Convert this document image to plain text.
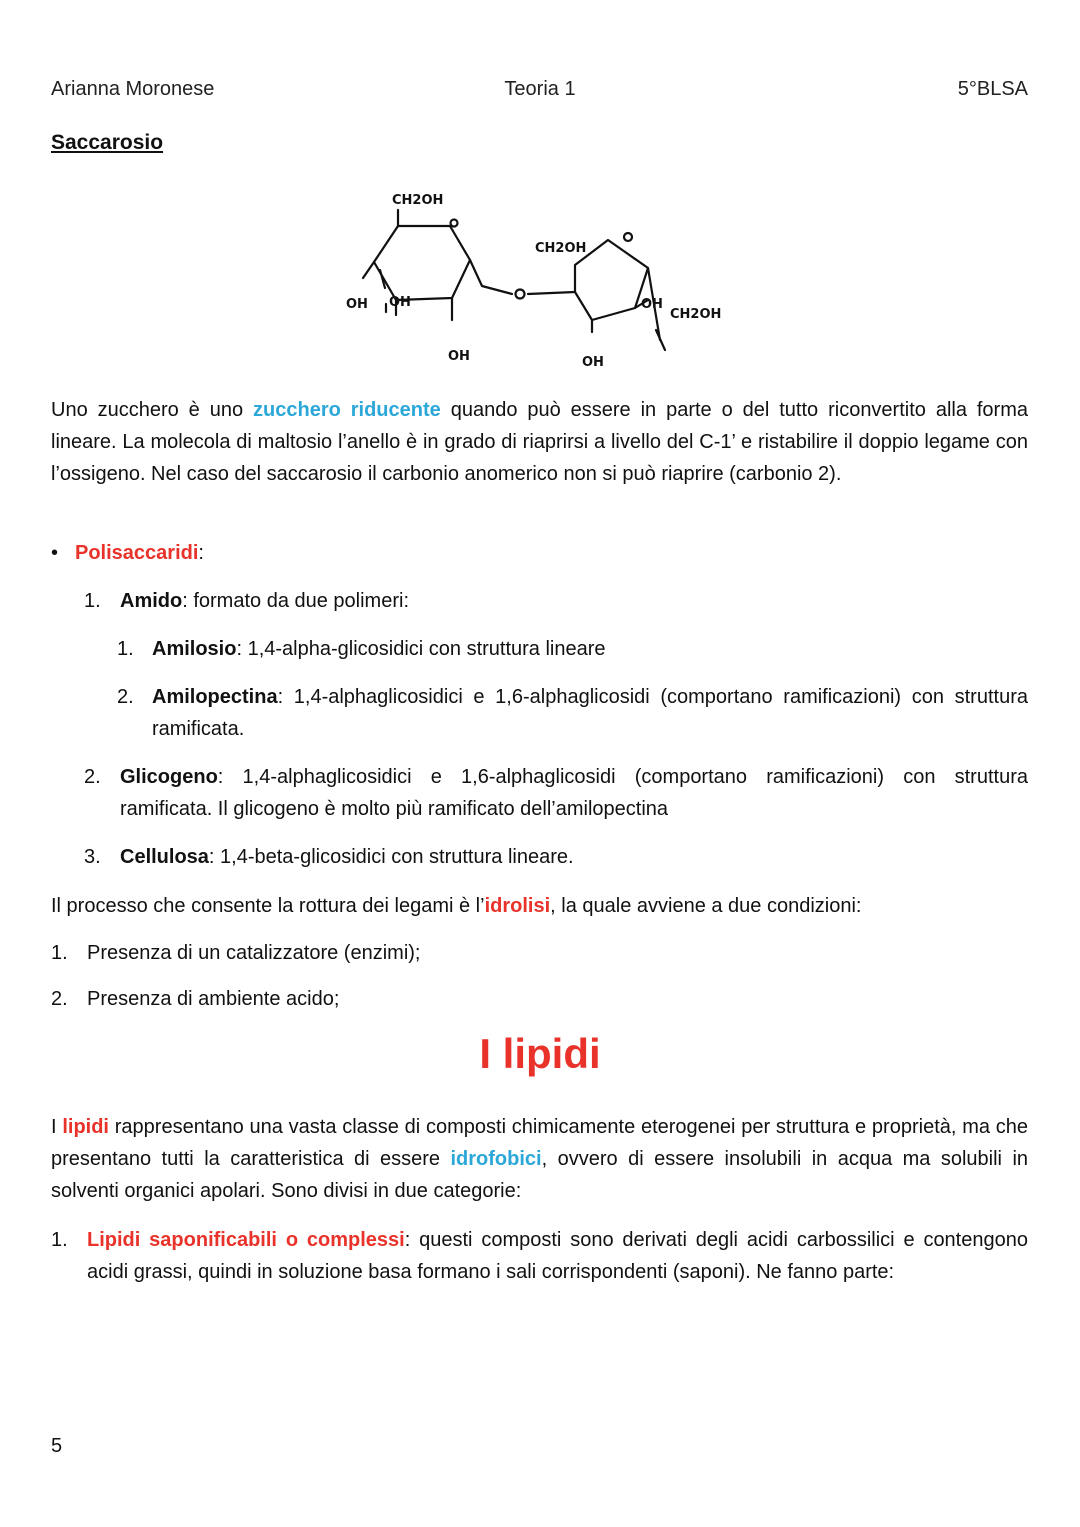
Arianna Moronese	Teoria 1	5°BLSA
Saccarosio
CH2OH
CH2OH
CH2OH
OH OH
OH
OH
OH
Uno zucchero è uno zucchero riducente quando può essere in parte o del tutto riconvertito alla forma lineare. La molecola di maltosio l’anello è in grado di riaprirsi a livello del C-1’ e ristabilire il doppio legame con l’ossigeno. Nel caso del saccarosio il carbonio anomerico non si può riaprire (carbonio 2).
• Polisaccaridi:
1. Amido: formato da due polimeri:
1. Amilosio: 1,4-alpha-glicosidici con struttura lineare
2. Amilopectina: 1,4-alphaglicosidici e 1,6-alphaglicosidi (comportano ramificazioni) con struttura ramificata.
2. Glicogeno: 1,4-alphaglicosidici e 1,6-alphaglicosidi (comportano ramificazioni) con struttura ramificata. Il glicogeno è molto più ramificato dell’amilopectina
3. Cellulosa: 1,4-beta-glicosidici con struttura lineare.
Il processo che consente la rottura dei legami è l’idrolisi, la quale avviene a due condizioni:
1. Presenza di un catalizzatore (enzimi);
2. Presenza di ambiente acido;
I lipidi
I lipidi rappresentano una vasta classe di composti chimicamente eterogenei per struttura e proprietà, ma che presentano tutti la caratteristica di essere idrofobici, ovvero di essere insolubili in acqua ma solubili in solventi organici apolari. Sono divisi in due categorie:
1. Lipidi saponificabili o complessi: questi composti sono derivati degli acidi carbossilici e contengono acidi grassi, quindi in soluzione basa formano i sali corrispondenti (saponi). Ne fanno parte:
5
